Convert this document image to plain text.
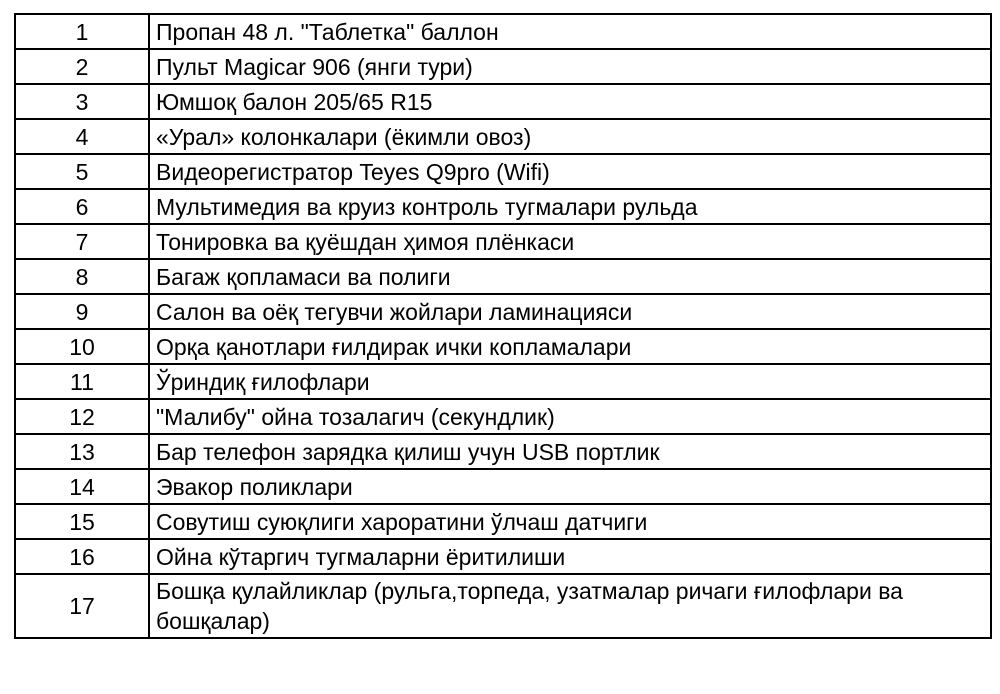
1	Пропан 48 л. "Таблетка" баллон
2	Пульт Magicar 906 (янги тури)
3	Юмшоқ балон 205/65 R15
4	«Урал» колонкалари (ёкимли овоз)
5	Видеорегистратор Teyes Q9pro (Wifi)
6	Мультимедия ва круиз контроль тугмалари рульда
7	Тонировка ва қуёшдан ҳимоя плёнкаси
8	Багаж қопламаси ва полиги
9	Салон ва оёқ тегувчи жойлари ламинацияси
10	Орқа қанотлари ғилдирак ички копламалари
11	Ўриндиқ ғилофлари
12	"Малибу" ойна тозалагич (секундлик)
13	Бар телефон зарядка қилиш учун USB портлик
14	Эвакор поликлари
15	Совутиш суюқлиги хароратини ўлчаш датчиги
16	Ойна кўтаргич тугмаларни ёритилиши
17	Бошқа қулайликлар (рульга,торпеда, узатмалар ричаги ғилофлари ва бошқалар)
